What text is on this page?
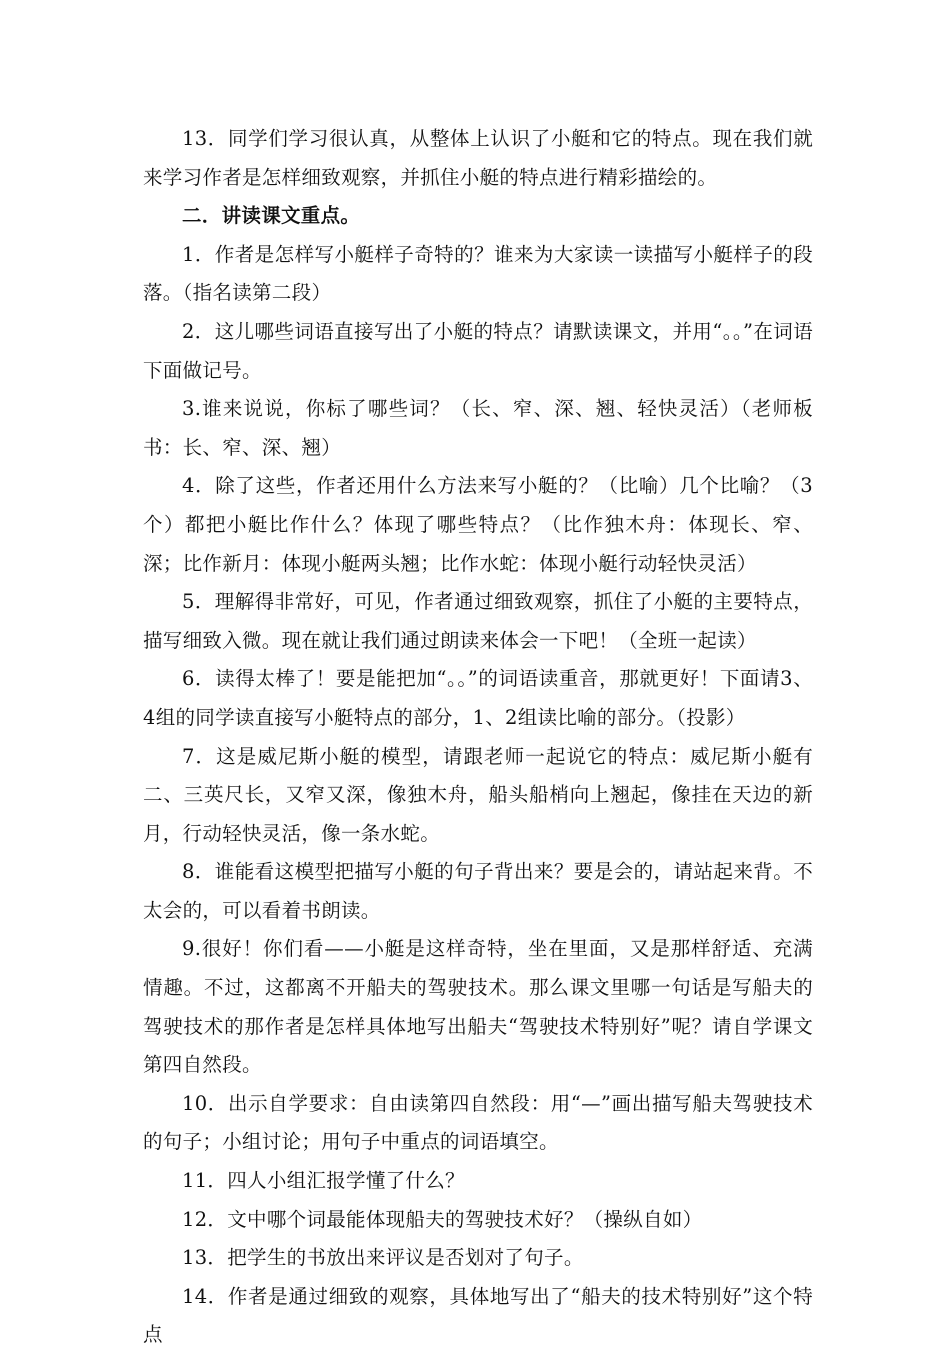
13．同学们学习很认真，从整体上认识了小艇和它的特点。现在我们就来学习作者是怎样细致观察，并抓住小艇的特点进行精彩描绘的。

二．讲读课文重点。

1．作者是怎样写小艇样子奇特的？谁来为大家读一读描写小艇样子的段落。（指名读第二段）

2．这儿哪些词语直接写出了小艇的特点？请默读课文，并用“。。”在词语下面做记号。

3.谁来说说，你标了哪些词？（长、窄、深、翘、轻快灵活）（老师板书：长、窄、深、翘）

4．除了这些，作者还用什么方法来写小艇的？（比喻）几个比喻？（3个）都把小艇比作什么？体现了哪些特点？（比作独木舟：体现长、窄、深；比作新月：体现小艇两头翘；比作水蛇：体现小艇行动轻快灵活）

5．理解得非常好，可见，作者通过细致观察，抓住了小艇的主要特点，描写细致入微。现在就让我们通过朗读来体会一下吧！（全班一起读）

6．读得太棒了！要是能把加“。。”的词语读重音，那就更好！下面请3、4组的同学读直接写小艇特点的部分，1、2组读比喻的部分。（投影）

7．这是威尼斯小艇的模型，请跟老师一起说它的特点：威尼斯小艇有二、三英尺长，又窄又深，像独木舟，船头船梢向上翘起，像挂在天边的新月，行动轻快灵活，像一条水蛇。

8．谁能看这模型把描写小艇的句子背出来？要是会的，请站起来背。不太会的，可以看着书朗读。

9.很好！你们看——小艇是这样奇特，坐在里面，又是那样舒适、充满情趣。不过，这都离不开船夫的驾驶技术。那么课文里哪一句话是写船夫的驾驶技术的那作者是怎样具体地写出船夫“驾驶技术特别好”呢？请自学课文第四自然段。

10．出示自学要求：自由读第四自然段：用“—”画出描写船夫驾驶技术的句子；小组讨论；用句子中重点的词语填空。

11．四人小组汇报学懂了什么？

12．文中哪个词最能体现船夫的驾驶技术好？（操纵自如）

13．把学生的书放出来评议是否划对了句子。

14．作者是通过细致的观察，具体地写出了“船夫的技术特别好”这个特点
